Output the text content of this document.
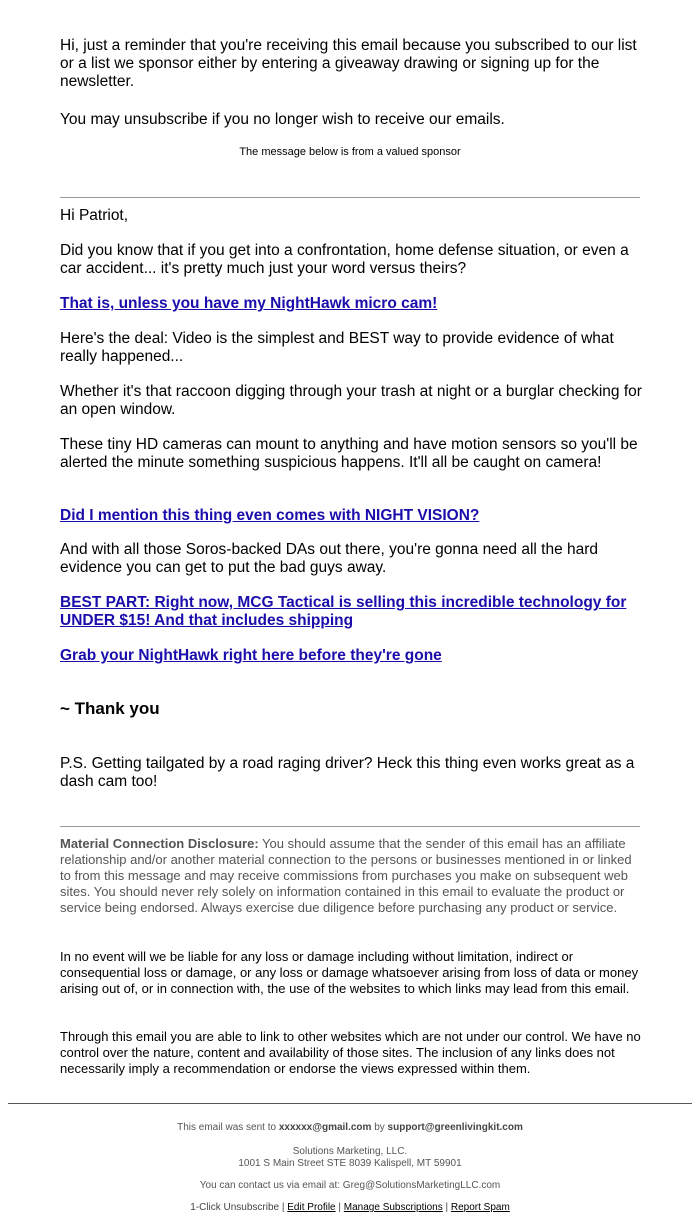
Hi, just a reminder that you're receiving this email because you subscribed to our list or a list we sponsor either by entering a giveaway drawing or signing up for the newsletter.

You may unsubscribe if you no longer wish to receive our emails.

The message below is from a valued sponsor

Hi Patriot,

Did you know that if you get into a confrontation, home defense situation, or even a car accident... it's pretty much just your word versus theirs?

That is, unless you have my NightHawk micro cam!

Here's the deal: Video is the simplest and BEST way to provide evidence of what really happened...

Whether it's that raccoon digging through your trash at night or a burglar checking for an open window.

These tiny HD cameras can mount to anything and have motion sensors so you'll be alerted the minute something suspicious happens. It'll all be caught on camera!

Did I mention this thing even comes with NIGHT VISION?

And with all those Soros-backed DAs out there, you're gonna need all the hard evidence you can get to put the bad guys away.

BEST PART: Right now, MCG Tactical is selling this incredible technology for UNDER $15! And that includes shipping

Grab your NightHawk right here before they're gone

~ Thank you

P.S. Getting tailgated by a road raging driver? Heck this thing even works great as a dash cam too!

Material Connection Disclosure: You should assume that the sender of this email has an affiliate relationship and/or another material connection to the persons or businesses mentioned in or linked to from this message and may receive commissions from purchases you make on subsequent web sites. You should never rely solely on information contained in this email to evaluate the product or service being endorsed. Always exercise due diligence before purchasing any product or service.

In no event will we be liable for any loss or damage including without limitation, indirect or consequential loss or damage, or any loss or damage whatsoever arising from loss of data or money arising out of, or in connection with, the use of the websites to which links may lead from this email.

Through this email you are able to link to other websites which are not under our control. We have no control over the nature, content and availability of those sites. The inclusion of any links does not necessarily imply a recommendation or endorse the views expressed within them.

This email was sent to xxxxxx@gmail.com by support@greenlivingkit.com

Solutions Marketing, LLC.

1001 S Main Street STE 8039 Kalispell, MT 59901

You can contact us via email at: Greg@SolutionsMarketingLLC.com

1-Click Unsubscribe | Edit Profile | Manage Subscriptions | Report Spam
